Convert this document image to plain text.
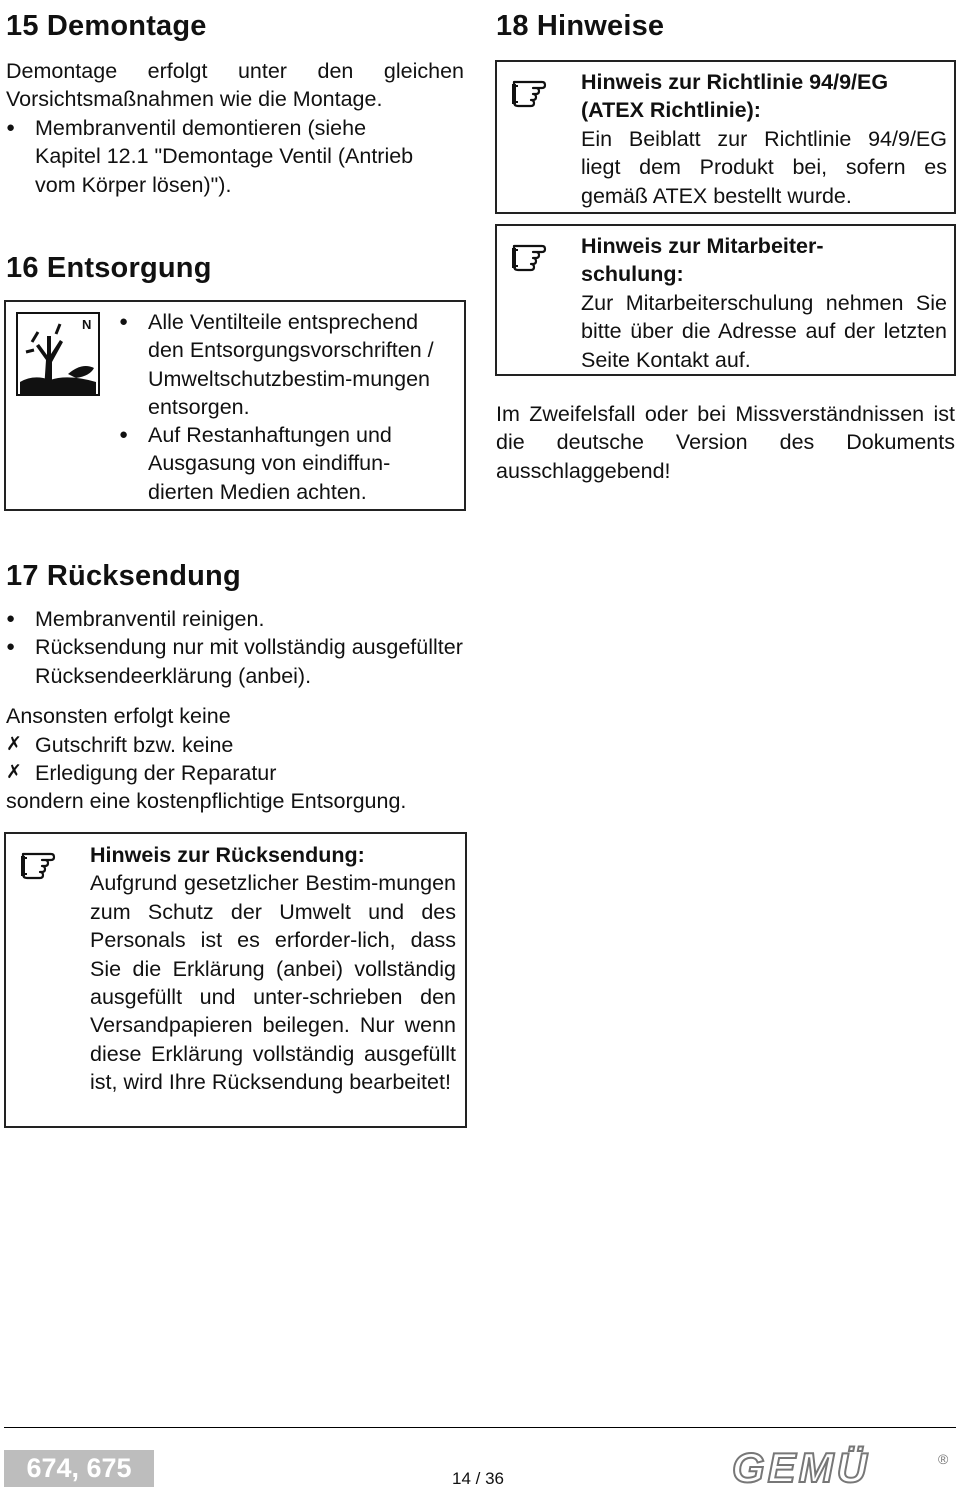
15 Demontage
Demontage erfolgt unter den gleichen Vorsichtsmaßnahmen wie die Montage.
● Membranventil demontieren (siehe Kapitel 12.1 "Demontage Ventil (Antrieb vom Körper lösen)").
16 Entsorgung
N ● Alle Ventilteile entsprechend den Entsorgungsvorschriften / Umweltschutzbestim-mungen entsorgen.
● Auf Restanhaftungen und Ausgasung von eindiffun-dierten Medien achten.
18 Hinweise
Hinweis zur Richtlinie 94/9/EG (ATEX Richtlinie):
Ein Beiblatt zur Richtlinie 94/9/EG liegt dem Produkt bei, sofern es gemäß ATEX bestellt wurde.
Hinweis zur Mitarbeiter-schulung:
Zur Mitarbeiterschulung nehmen Sie bitte über die Adresse auf der letzten Seite Kontakt auf.
Im Zweifelsfall oder bei Missverständnissen ist die deutsche Version des Dokuments ausschlaggebend!
17 Rücksendung
● Membranventil reinigen.
● Rücksendung nur mit vollständig ausgefüllter Rücksendeerklärung (anbei).
Ansonsten erfolgt keine
✗ Gutschrift bzw. keine
✗ Erledigung der Reparatur
sondern eine kostenpflichtige Entsorgung.
Hinweis zur Rücksendung:
Aufgrund gesetzlicher Bestim-mungen zum Schutz der Umwelt und des Personals ist es erforder-lich, dass Sie die Erklärung (anbei) vollständig ausgefüllt und unter-schrieben den Versandpapieren beilegen. Nur wenn diese Erklärung vollständig ausgefüllt ist, wird Ihre Rücksendung bearbeitet!
674, 675	14 / 36	GEMÜ	®
